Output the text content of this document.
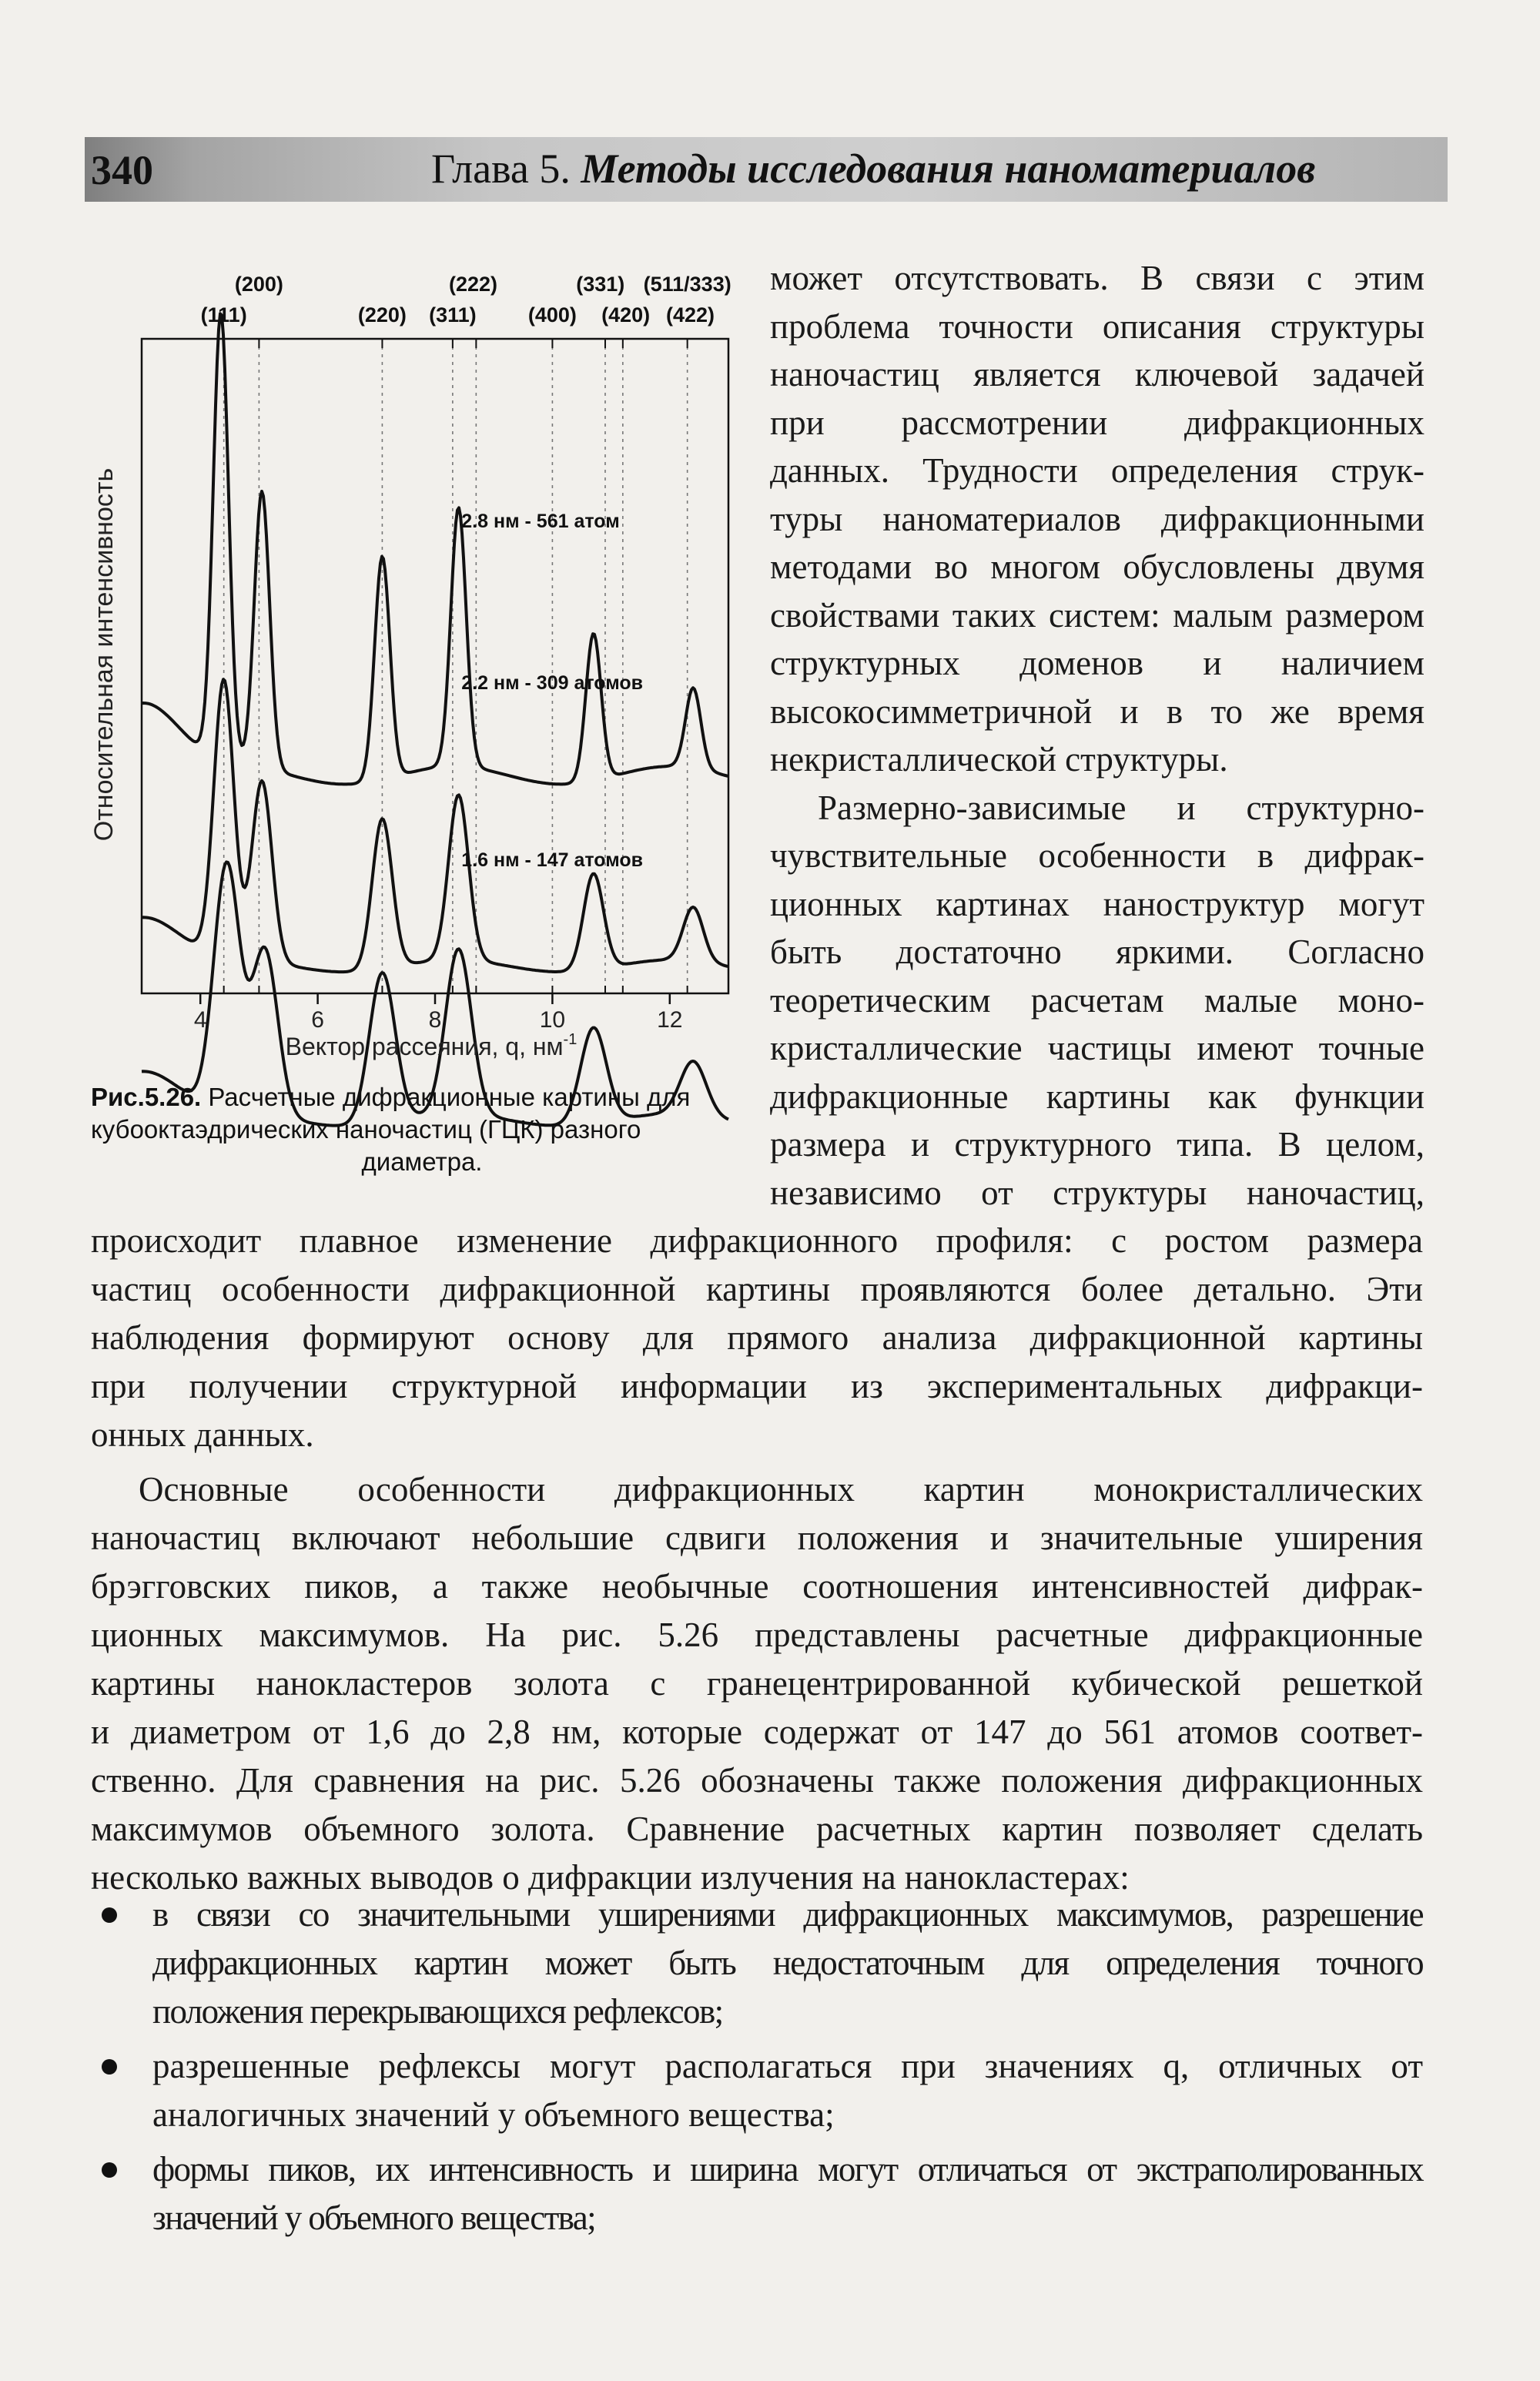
340	Глава 5. Методы исследования наноматериалов
Относительная интенсивность
4	6	8	10	12
(200)	(222)	(331) (511/333)
(111)	(220) (311) (400) (420) (422)
2.8 нм - 561 атом
2.2 нм - 309 атомов
1.6 нм - 147 атомов
Вектор рассеяния, q, $нм^{-1}$
Рис.5.26. Расчетные дифракционные картины для
кубооктаэдрических наночастиц (ГЦК) разного
диаметра.
может отсутствовать. В связи с этим
проблема точности описания структуры
наночастиц является ключевой задачей
при рассмотрении дифракционных
данных. Трудности определения струк-
туры наноматериалов дифракционными
методами во многом обусловлены двумя
свойствами таких систем: малым размером
структурных доменов и наличием
высокосимметричной и в то же время
некристаллической структуры.
Размерно-зависимые и структурно-
чувствительные особенности в дифрак-
ционных картинах наноструктур могут
быть достаточно яркими. Согласно
теоретическим расчетам малые моно-
кристаллические частицы имеют точные
дифракционные картины как функции
размера и структурного типа. В целом,
независимо от структуры наночастиц,
происходит плавное изменение дифракционного профиля: с ростом размера
частиц особенности дифракционной картины проявляются более детально. Эти
наблюдения формируют основу для прямого анализа дифракционной картины
при получении структурной информации из экспериментальных дифракци-
онных данных.
Основные особенности дифракционных картин монокристаллических
наночастиц включают небольшие сдвиги положения и значительные уширения
брэгговских пиков, а также необычные соотношения интенсивностей дифрак-
ционных максимумов. На рис. 5.26 представлены расчетные дифракционные
картины нанокластеров золота с гранецентрированной кубической решеткой
и диаметром от 1,6 до 2,8 нм, которые содержат от 147 до 561 атомов соответ-
ственно. Для сравнения на рис. 5.26 обозначены также положения дифракционных
максимумов объемного золота. Сравнение расчетных картин позволяет сделать
несколько важных выводов о дифракции излучения на нанокластерах:
в связи со значительными уширениями дифракционных максимумов, разрешение
дифракционных картин может быть недостаточным для определения точного
положения перекрывающихся рефлексов;
разрешенные рефлексы могут располагаться при значениях q, отличных от
аналогичных значений у объемного вещества;
формы пиков, их интенсивность и ширина могут отличаться от экстраполированных
значений у объемного вещества;
